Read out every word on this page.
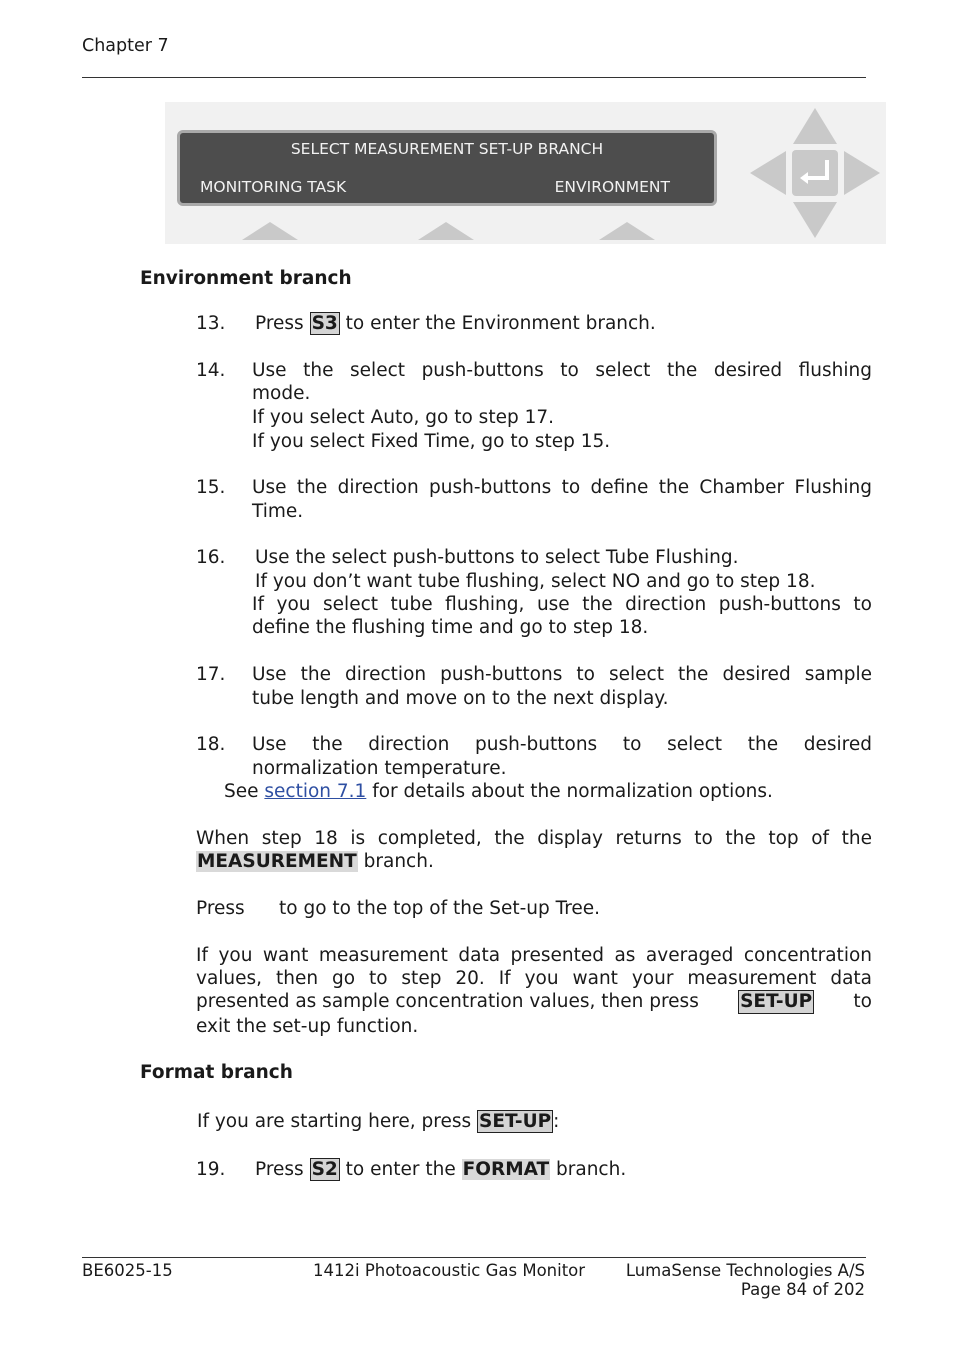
Chapter 7
SELECT MEASUREMENT SET-UP BRANCH
MONITORING TASK	ENVIRONMENT
Environment branch
13. Press S3 to enter the Environment branch.
14. Use the select push-buttons to select the desired flushing
mode.
If you select Auto, go to step 17.
If you select Fixed Time, go to step 15.
15. Use the direction push-buttons to define the Chamber Flushing
Time.
16. Use the select push-buttons to select Tube Flushing.
If you don’t want tube flushing, select NO and go to step 18.
If you select tube flushing, use the direction push-buttons to
define the flushing time and go to step 18.
17. Use the direction push-buttons to select the desired sample
tube length and move on to the next display.
18. Use the direction push-buttons to select the desired
normalization temperature.
See section 7.1 for details about the normalization options.
When step 18 is completed, the display returns to the top of the
MEASUREMENT branch.
Press to go to the top of the Set-up Tree.
If you want measurement data presented as averaged concentration
values, then go to step 20. If you want your measurement data
presented as sample concentration values, then press SET-UP to
exit the set-up function.
Format branch
If you are starting here, press SET-UP :
19. Press S2 to enter the FORMAT branch.
BE6025-15	1412i Photoacoustic Gas Monitor LumaSense Technologies A/S
Page 84 of 202
